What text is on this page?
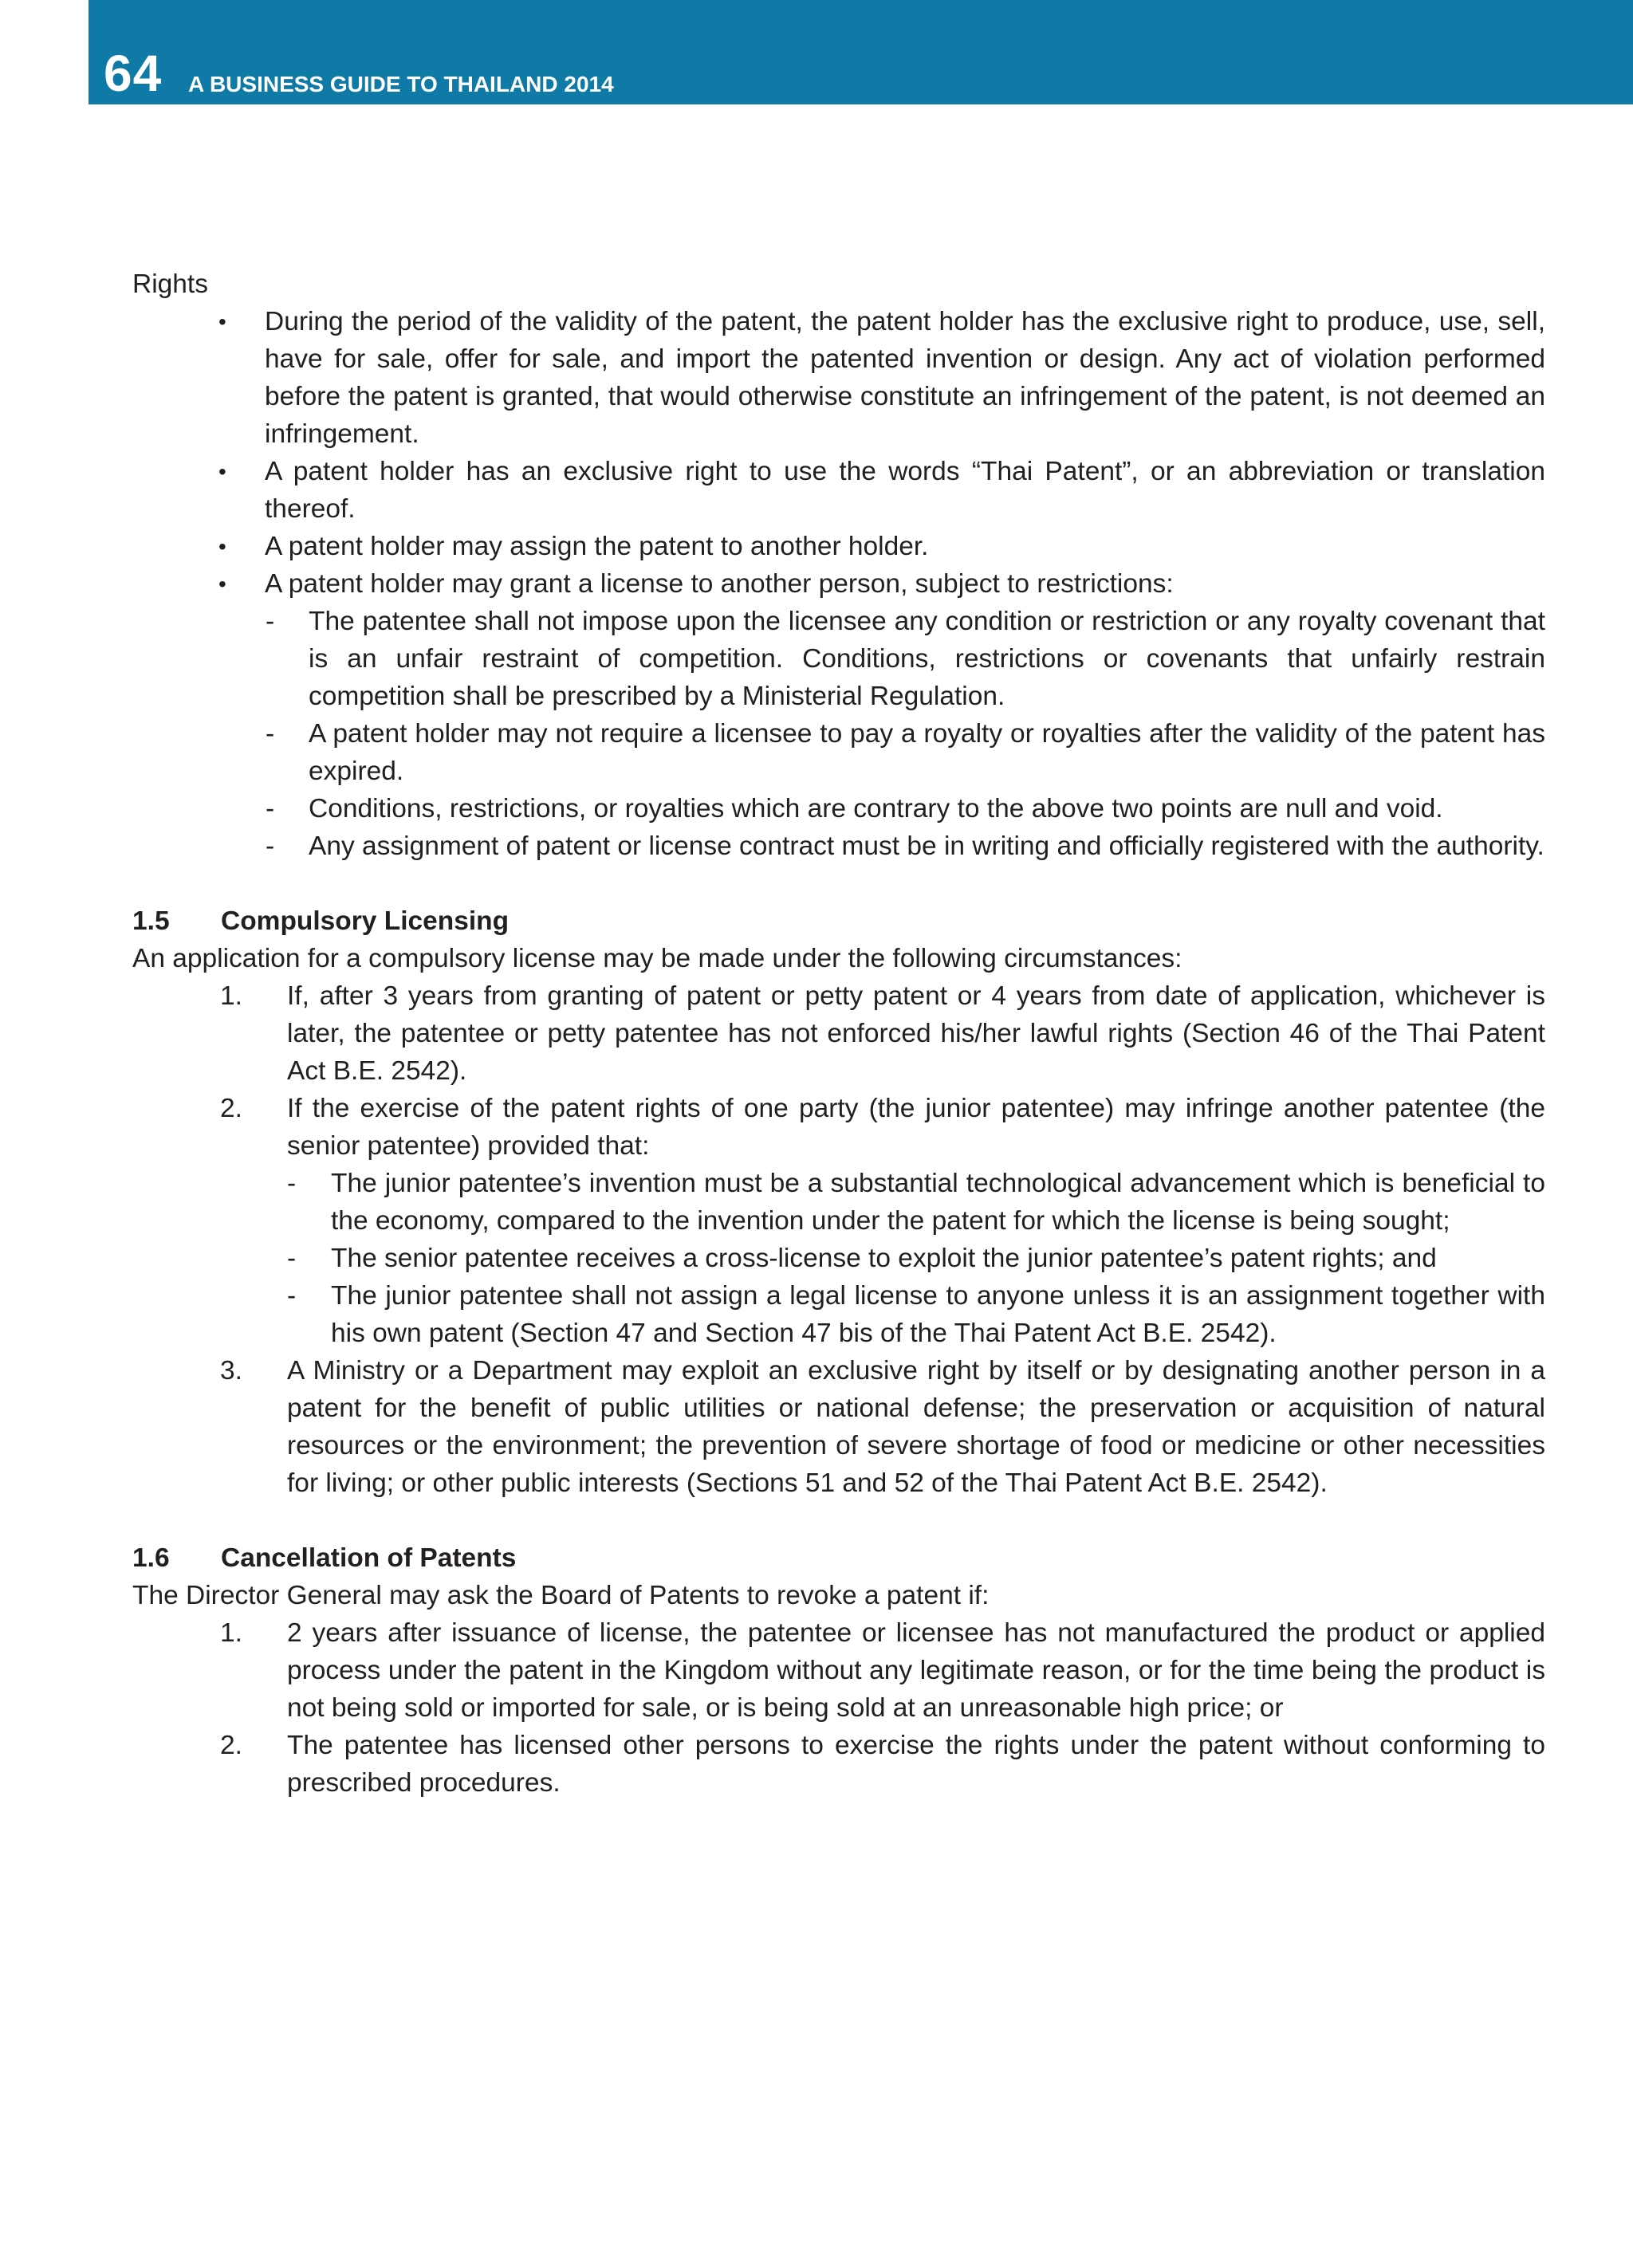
64 A BUSINESS GUIDE TO THAILAND 2014

Rights

• During the period of the validity of the patent, the patent holder has the exclusive right to produce, use, sell, have for sale, offer for sale, and import the patented invention or design. Any act of violation performed before the patent is granted, that would otherwise constitute an infringement of the patent, is not deemed an infringement.
• A patent holder has an exclusive right to use the words “Thai Patent”, or an abbreviation or translation thereof.
• A patent holder may assign the patent to another holder.
• A patent holder may grant a license to another person, subject to restrictions:
- The patentee shall not impose upon the licensee any condition or restriction or any royalty covenant that is an unfair restraint of competition. Conditions, restrictions or covenants that unfairly restrain competition shall be prescribed by a Ministerial Regulation.
- A patent holder may not require a licensee to pay a royalty or royalties after the validity of the patent has expired.
- Conditions, restrictions, or royalties which are contrary to the above two points are null and void.
- Any assignment of patent or license contract must be in writing and officially registered with the authority.

1.5 Compulsory Licensing

An application for a compulsory license may be made under the following circumstances:

1. If, after 3 years from granting of patent or petty patent or 4 years from date of application, whichever is later, the patentee or petty patentee has not enforced his/her lawful rights (Section 46 of the Thai Patent Act B.E. 2542).
2. If the exercise of the patent rights of one party (the junior patentee) may infringe another patentee (the senior patentee) provided that:
- The junior patentee’s invention must be a substantial technological advancement which is beneficial to the economy, compared to the invention under the patent for which the license is being sought;
- The senior patentee receives a cross-license to exploit the junior patentee’s patent rights; and
- The junior patentee shall not assign a legal license to anyone unless it is an assignment together with his own patent (Section 47 and Section 47 bis of the Thai Patent Act B.E. 2542).
3. A Ministry or a Department may exploit an exclusive right by itself or by designating another person in a patent for the benefit of public utilities or national defense; the preservation or acquisition of natural resources or the environment; the prevention of severe shortage of food or medicine or other necessities for living; or other public interests (Sections 51 and 52 of the Thai Patent Act B.E. 2542).

1.6 Cancellation of Patents

The Director General may ask the Board of Patents to revoke a patent if:

1. 2 years after issuance of license, the patentee or licensee has not manufactured the product or applied process under the patent in the Kingdom without any legitimate reason, or for the time being the product is not being sold or imported for sale, or is being sold at an unreasonable high price; or
2. The patentee has licensed other persons to exercise the rights under the patent without conforming to prescribed procedures.
